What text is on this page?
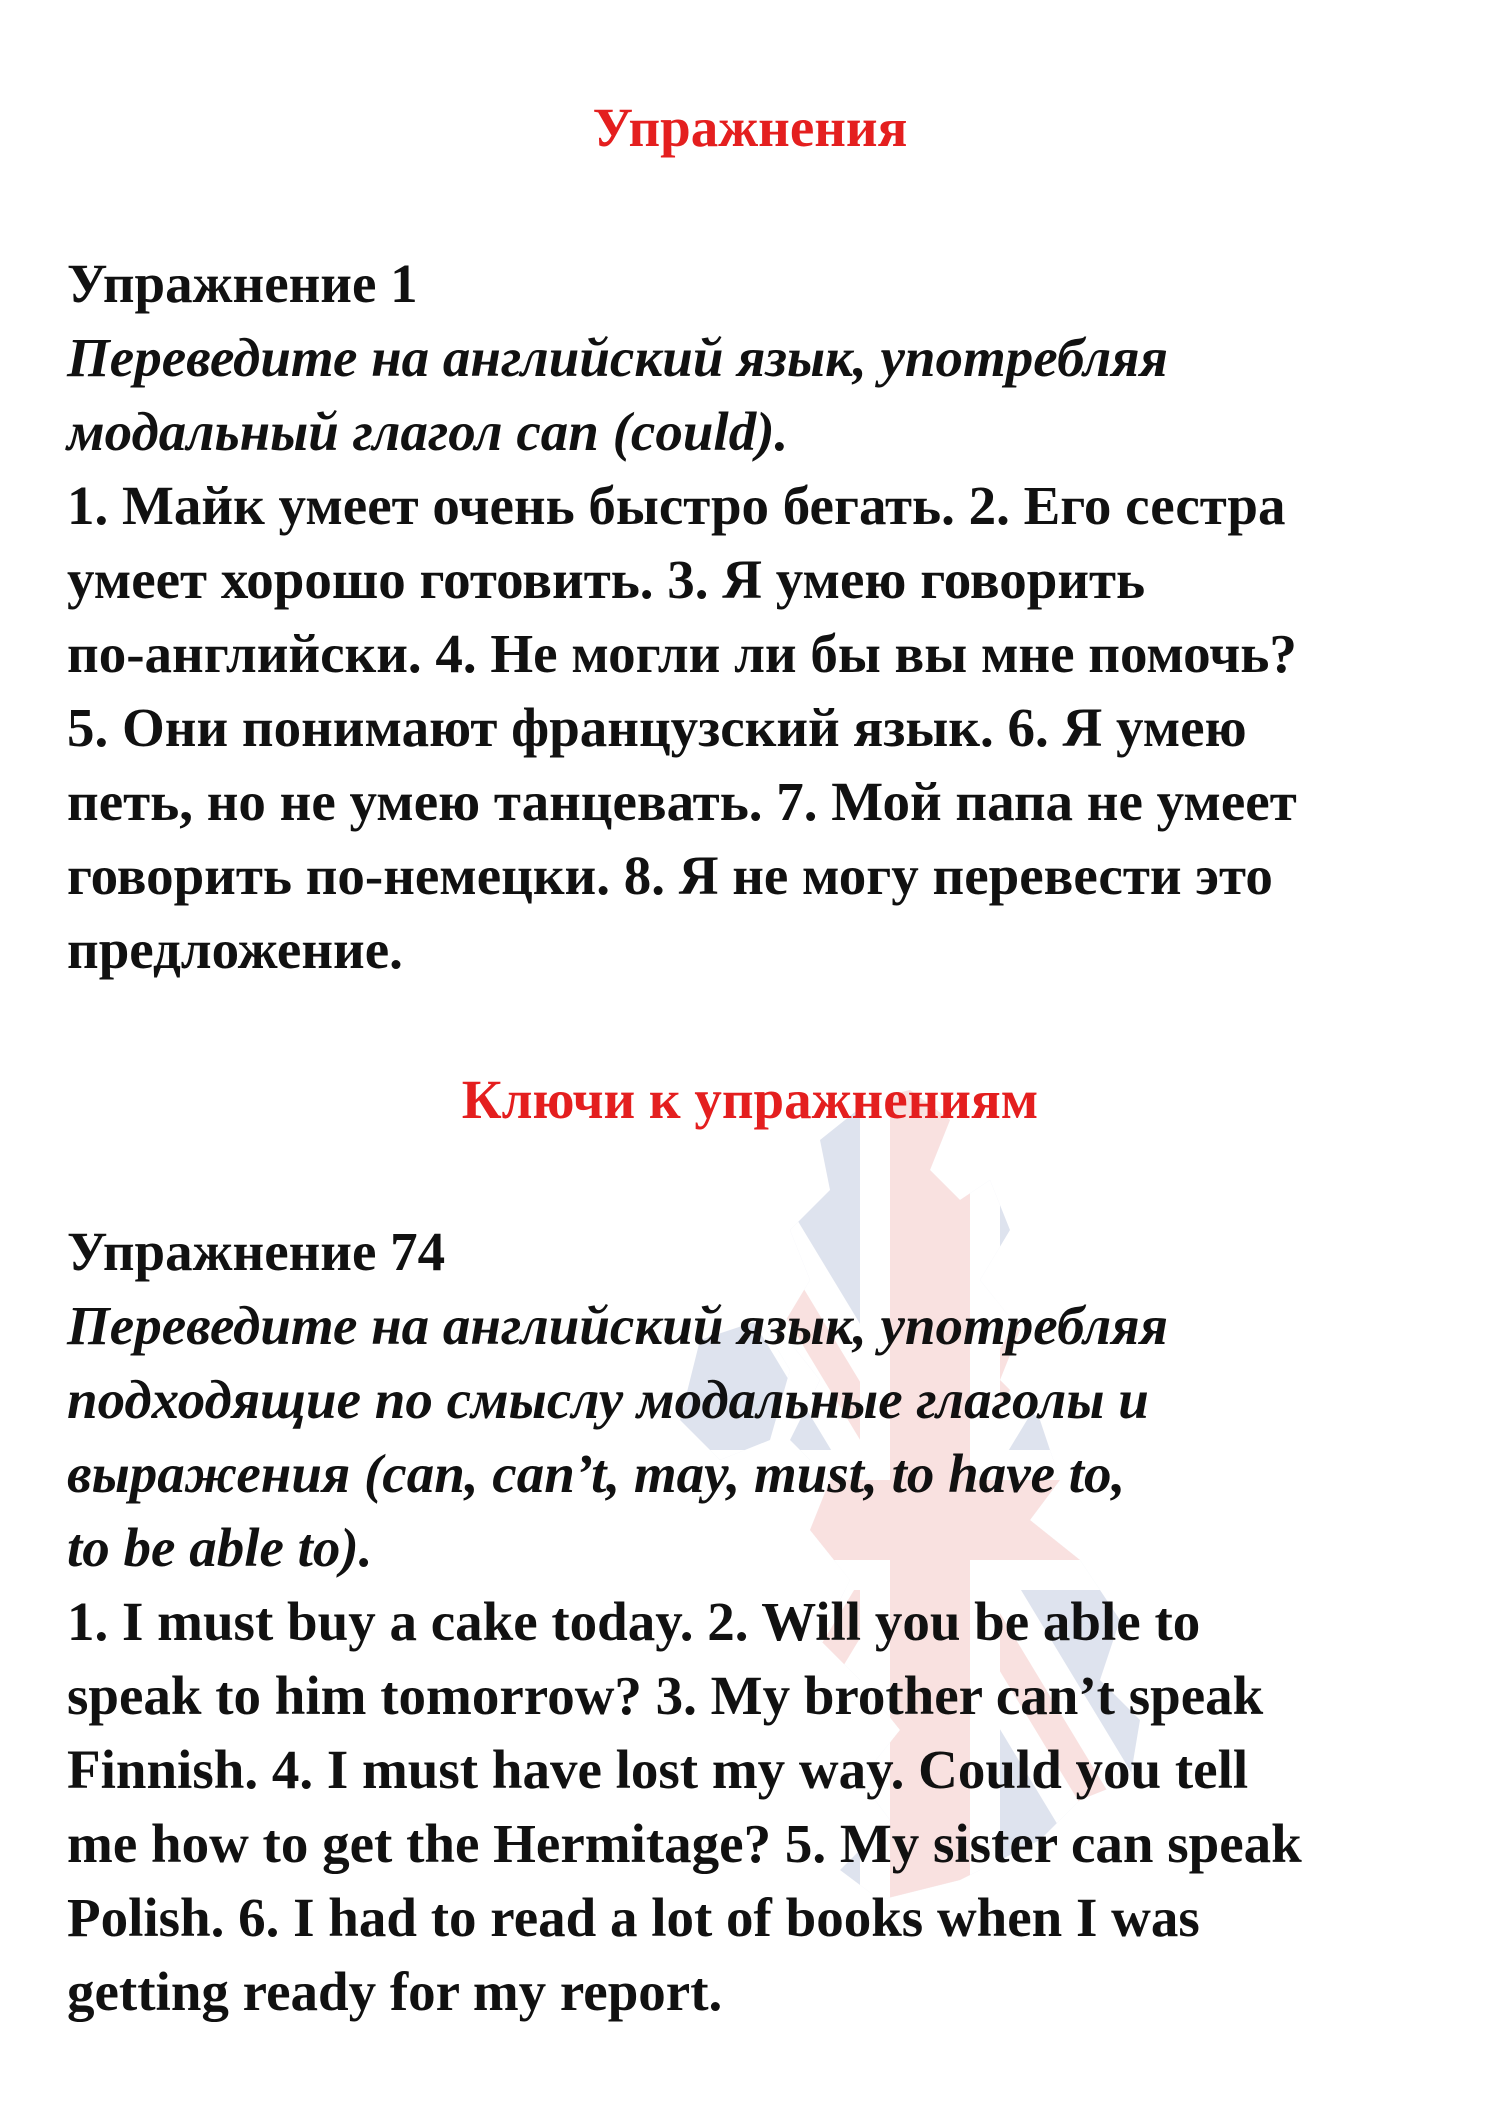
Упражнения

Упражнение 1

Переведите на английский язык, употребляя
модальный глагол can (could).

1. Майк умеет очень быстро бегать. 2. Его сестра
умеет хорошо готовить. 3. Я умею говорить
по-английски. 4. Не могли ли бы вы мне помочь?
5. Они понимают французский язык. 6. Я умею
петь, но не умею танцевать. 7. Мой папа не умеет
говорить по-немецки. 8. Я не могу перевести это
предложение.

Ключи к упражнениям

Упражнение 74

Переведите на английский язык, употребляя
подходящие по смыслу модальные глаголы и
выражения (can, can’t, may, must, to have to,
to be able to).

1. I must buy a cake today. 2. Will you be able to
speak to him tomorrow? 3. My brother can’t speak
Finnish. 4. I must have lost my way. Could you tell
me how to get the Hermitage? 5. My sister can speak
Polish. 6. I had to read a lot of books when I was
getting ready for my report.
